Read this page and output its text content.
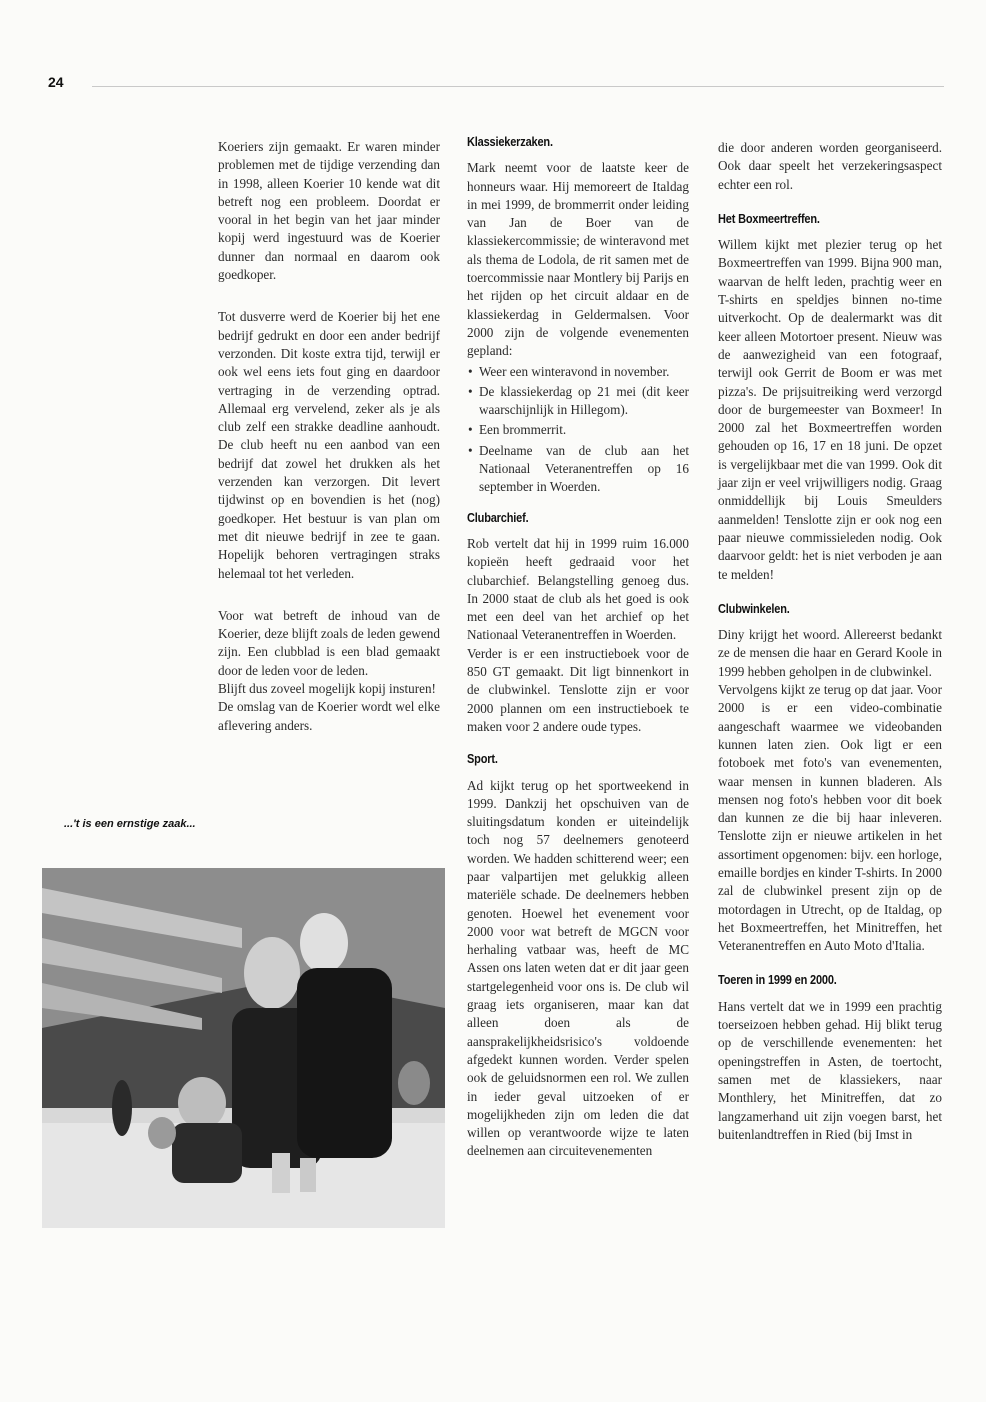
24

Koeriers zijn gemaakt. Er waren minder problemen met de tijdige verzending dan in 1998, alleen Koerier 10 kende wat dit betreft nog een probleem. Doordat er vooral in het begin van het jaar minder kopij werd ingestuurd was de Koerier dunner dan normaal en daarom ook goedkoper.

Tot dusverre werd de Koerier bij het ene bedrijf gedrukt en door een ander bedrijf verzonden. Dit koste extra tijd, terwijl er ook wel eens iets fout ging en daardoor vertraging in de verzending optrad. Allemaal erg vervelend, zeker als je als club zelf een strakke deadline aanhoudt. De club heeft nu een aanbod van een bedrijf dat zowel het drukken als het verzenden kan verzorgen. Dit levert tijdwinst op en bovendien is het (nog) goedkoper. Het bestuur is van plan om met dit nieuwe bedrijf in zee te gaan. Hopelijk behoren vertragingen straks helemaal tot het verleden.

Voor wat betreft de inhoud van de Koerier, deze blijft zoals de leden gewend zijn. Een clubblad is een blad gemaakt door de leden voor de leden.

Blijft dus zoveel mogelijk kopij insturen!

De omslag van de Koerier wordt wel elke aflevering anders.

...'t is een ernstige zaak...
Klassiekerzaken.

Mark neemt voor de laatste keer de honneurs waar. Hij memoreert de Italdag in mei 1999, de brommerrit onder leiding van Jan de Boer van de klassiekercommissie; de winteravond met als thema de Lodola, de rit samen met de toercommissie naar Montlery bij Parijs en het rijden op het circuit aldaar en de klassiekerdag in Geldermalsen. Voor 2000 zijn de volgende evenementen gepland:

• Weer een winteravond in november.
• De klassiekerdag op 21 mei (dit keer waarschijnlijk in Hillegom).
• Een brommerrit.
• Deelname van de club aan het Nationaal Veteranentreffen op 16 september in Woerden.
Clubarchief.

Rob vertelt dat hij in 1999 ruim 16.000 kopieën heeft gedraaid voor het clubarchief. Belangstelling genoeg dus. In 2000 staat de club als het goed is ook met een deel van het archief op het Nationaal Veteranentreffen in Woerden.

Verder is er een instructieboek voor de 850 GT gemaakt. Dit ligt binnenkort in de clubwinkel. Tenslotte zijn er voor 2000 plannen om een instructieboek te maken voor 2 andere oude types.

Sport.

Ad kijkt terug op het sportweekend in 1999. Dankzij het opschuiven van de sluitingsdatum konden er uiteindelijk toch nog 57 deelnemers genoteerd worden. We hadden schitterend weer; een paar valpartijen met gelukkig alleen materiële schade. De deelnemers hebben genoten. Hoewel het evenement voor 2000 voor wat betreft de MGCN voor herhaling vatbaar was, heeft de MC Assen ons laten weten dat er dit jaar geen startgelegenheid voor ons is. De club wil graag iets organiseren, maar kan dat alleen doen als de aansprakelijkheidsrisico's voldoende afgedekt kunnen worden. Verder spelen ook de geluidsnormen een rol. We zullen in ieder geval uitzoeken of er mogelijkheden zijn om leden die dat willen op verantwoorde wijze te laten deelnemen aan circuitevenementen

die door anderen worden georganiseerd. Ook daar speelt het verzekeringsaspect echter een rol.

Het Boxmeertreffen.

Willem kijkt met plezier terug op het Boxmeertreffen van 1999. Bijna 900 man, waarvan de helft leden, prachtig weer en T-shirts en speldjes binnen no-time uitverkocht. Op de dealermarkt was dit keer alleen Motortoer present. Nieuw was de aanwezigheid van een fotograaf, terwijl ook Gerrit de Boom er was met pizza's. De prijsuitreiking werd verzorgd door de burgemeester van Boxmeer! In 2000 zal het Boxmeertreffen worden gehouden op 16, 17 en 18 juni. De opzet is vergelijkbaar met die van 1999. Ook dit jaar zijn er veel vrijwilligers nodig. Graag onmiddellijk bij Louis Smeulders aanmelden! Tenslotte zijn er ook nog een paar nieuwe commissieleden nodig. Ook daarvoor geldt: het is niet verboden je aan te melden!

Clubwinkelen.

Diny krijgt het woord. Allereerst bedankt ze de mensen die haar en Gerard Koole in 1999 hebben geholpen in de clubwinkel.

Vervolgens kijkt ze terug op dat jaar. Voor 2000 is er een video-combinatie aangeschaft waarmee we videobanden kunnen laten zien. Ook ligt er een fotoboek met foto's van evenementen, waar mensen in kunnen bladeren. Als mensen nog foto's hebben voor dit boek dan kunnen ze die bij haar inleveren. Tenslotte zijn er nieuwe artikelen in het assortiment opgenomen: bijv. een horloge, emaille bordjes en kinder T-shirts. In 2000 zal de clubwinkel present zijn op de motordagen in Utrecht, op de Italdag, op het Boxmeertreffen, het Minitreffen, het Veteranentreffen en Auto Moto d'Italia.

Toeren in 1999 en 2000.

Hans vertelt dat we in 1999 een prachtig toerseizoen hebben gehad. Hij blikt terug op de verschillende evenementen: het openingstreffen in Asten, de toertocht, samen met de klassiekers, naar Monthlery, het Minitreffen, dat zo langzamerhand uit zijn voegen barst, het buitenlandtreffen in Ried (bij Imst in
